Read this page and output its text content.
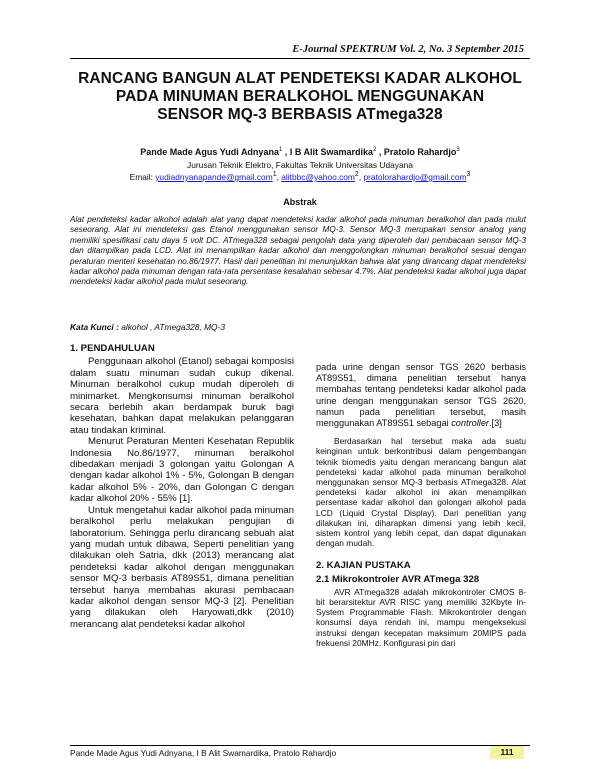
E-Journal SPEKTRUM Vol. 2, No. 3 September 2015
RANCANG BANGUN ALAT PENDETEKSI KADAR ALKOHOL
PADA MINUMAN BERALKOHOL MENGGUNAKAN
SENSOR MQ-3 BERBASIS ATmega328
Pande Made Agus Yudi Adnyana$^1$ , I B Alit Swamardika$^2$ , Pratolo Rahardjo$^3$
Jurusan Teknik Elektro, Fakultas Teknik Universitas Udayana
Email: yudiadnyanapande@gmail.com$^1$, alitbbc@yahoo.com$^2$, pratolorahardjo@gmail.com$^3$
Abstrak
Alat pendeteksi kadar alkohol adalah alat yang dapat mendeteksi kadar alkohol pada minuman beralkohol dan pada mulut seseorang. Alat ini mendeteksi gas Etanol menggunakan sensor MQ-3. Sensor MQ-3 merupakan sensor analog yang memiliki spesifikasi catu daya 5 volt DC. ATmega328 sebagai pengolah data yang diperoleh dari pembacaan sensor MQ-3 dan ditampilkan pada LCD. Alat ini menampilkan kadar alkohol dan menggolongkan minuman beralkohol sesuai dengan peraturan menteri kesehatan no.86/1977. Hasil dari penelitian ini menunjukkan bahwa alat yang dirancang dapat mendeteksi kadar alkohol pada minuman dengan rata-rata persentase kesalahan sebesar 4.7%. Alat pendeteksi kadar alkohol juga dapat mendeteksi kadar alkohol pada mulut seseorang.
Kata Kunci : alkohol , ATmega328, MQ-3
1. PENDAHULUAN

Penggunaan alkohol (Etanol) sebagai komposisi dalam suatu minuman sudah cukup dikenal. Minuman beralkohol cukup mudah diperoleh di minimarket. Mengkonsumsi minuman beralkohol secara berlebih akan berdampak buruk bagi kesehatan, bahkan dapat melakukan pelanggaran atau tindakan kriminal.

Menurut Peraturan Menteri Kesehatan Republik Indonesia No.86/1977, minuman beralkohol dibedakan menjadi 3 golongan yaitu Golongan A dengan kadar alkohol 1% - 5%, Golongan B dengan kadar alkohol 5% - 20%, dan Golongan C dengan kadar alkohol 20% - 55% [1].

Untuk mengetahui kadar alkohol pada minuman beralkohol perlu melakukan pengujian di laboratorium. Sehingga perlu dirancang sebuah alat yang mudah untuk dibawa, Seperti penelitian yang dilakukan oleh Satria, dkk (2013) merancang alat pendeteksi kadar alkohol dengan menggunakan sensor MQ-3 berbasis AT89S51, dimana penelitian tersebut hanya membahas akurasi pembacaan kadar alkohol dengan sensor MQ-3 [2]. Penelitian yang dilakukan oleh Haryowati,dkk (2010) merancang alat pendeteksi kadar alkohol

pada urine dengan sensor TGS 2620 berbasis AT89S51, dimana penelitian tersebut hanya membahas tentang pendeteksi kadar alkohol pada urine dengan menggunakan sensor TGS 2620, namun pada penelitian tersebut, masih menggunakan AT89S51 sebagai controller.[3]

Berdasarkan hal tersebut maka ada suatu keinginan untuk berkontribusi dalam pengembangan teknik biomedis yaitu dengan merancang bangun alat pendeteksi kadar alkohol pada minuman beralkohol menggunakan sensor MQ-3 berbasis ATmega328. Alat pendeteksi kadar alkohol ini akan menampilkan persentase kadar alkohol dan golongan alkohol pada LCD (Liquid Crystal Display). Dari penelitian yang dilakukan ini, diharapkan dimensi yang lebih kecil, sistem kontrol yang lebih cepat, dan dapat digunakan dengan mudah.

2. KAJIAN PUSTAKA
2.1 Mikrokontroler AVR ATmega 328

AVR ATmega328 adalah mikrokontroler CMOS 8-bit berarsitektur AVR RISC yang memiliki 32Kbyte In-System Programmable Flash. Mikrokontroler dengan konsumsi daya rendah ini, mampu mengeksekusi instruksi dengan kecepatan maksimum 20MIPS pada frekuensi 20MHz. Konfigurasi pin dari

Pande Made Agus Yudi Adnyana, I B Alit Swamardika, Pratolo Rahardjo	111
